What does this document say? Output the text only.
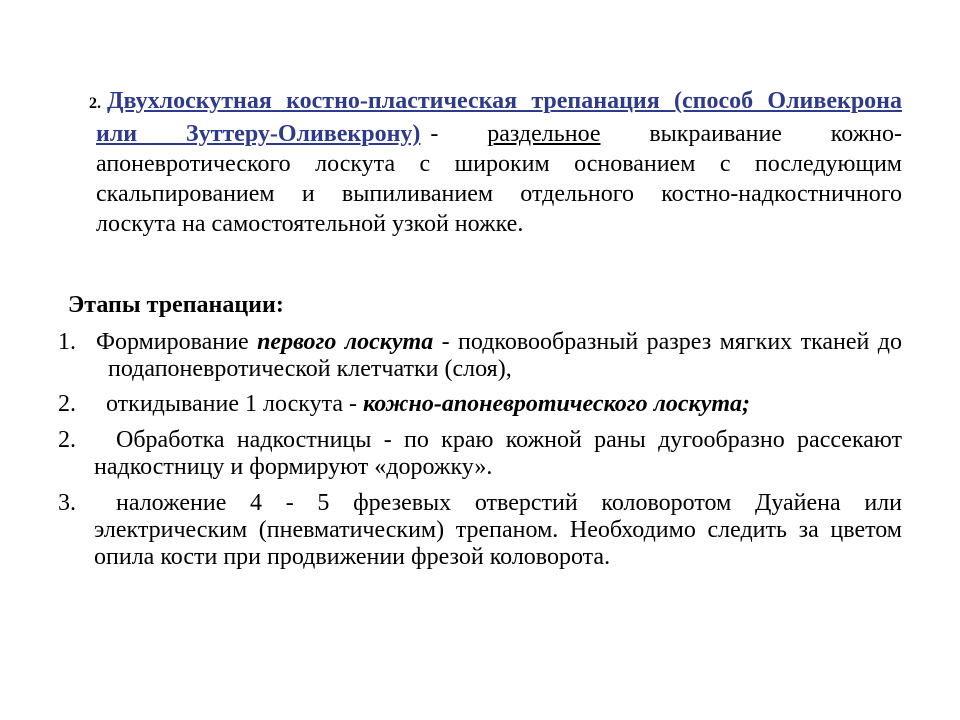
2. Двухлоскутная костно-пластическая трепанация (способ Оливекрона или Зуттеру-Оливекрону) - раздельное выкраивание кожно-апоневротического лоскута с широким основанием с последующим скальпированием и выпиливанием отдельного костно-надкостничного лоскута на самостоятельной узкой ножке.

Этапы трепанации:
1. Формирование первого лоскута - подковообразный разрез мягких тканей до подапоневротической клетчатки (слоя),
2. откидывание 1 лоскута - кожно-апоневротического лоскута;
2.	Обработка надкостницы - по краю кожной раны дугообразно рассекают надкостницу и формируют «дорожку».
3.	наложение 4 - 5 фрезевых отверстий коловоротом Дуайена или электрическим (пневматическим) трепаном. Необходимо следить за цветом опила кости при продвижении фрезой коловорота.
